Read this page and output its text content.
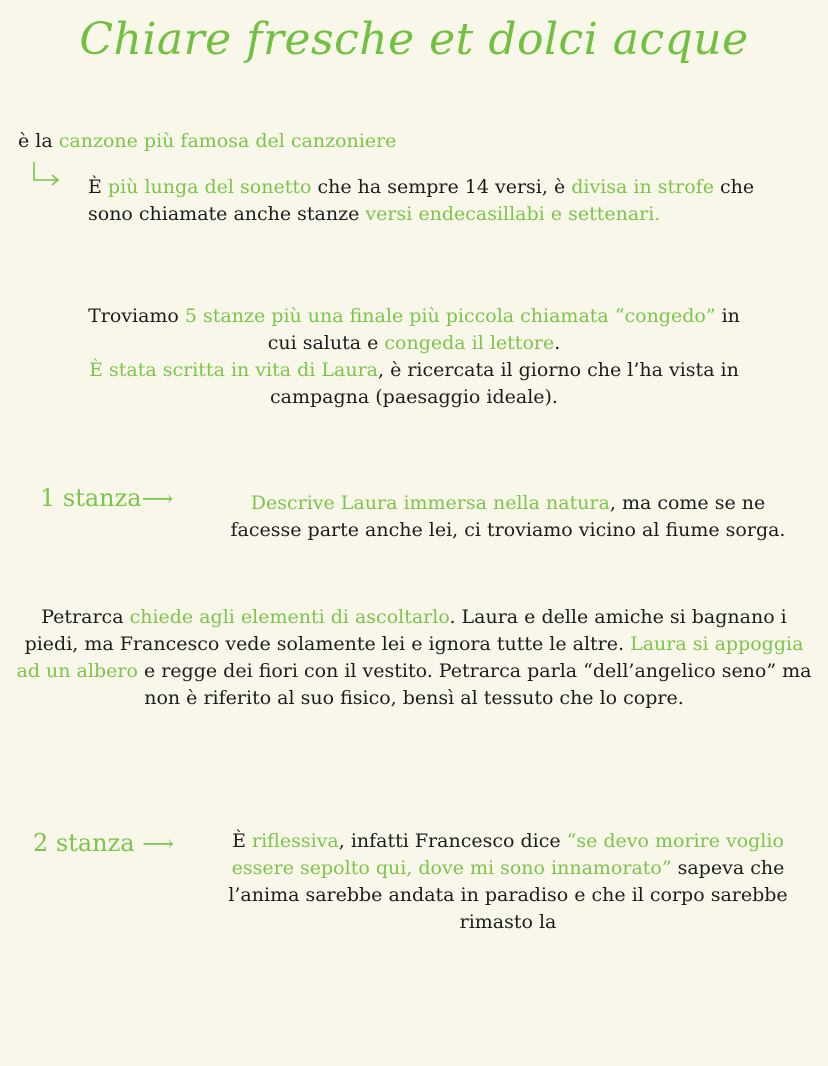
Chiare fresche et dolci acque
è la canzone più famosa del canzoniere
È più lunga del sonetto che ha sempre 14 versi, è divisa in strofe che sono chiamate anche stanze versi endecasillabi e settenari.
Troviamo 5 stanze più una finale più piccola chiamata “congedo” in
cui saluta e congeda il lettore.
È stata scritta in vita di Laura, è ricercata il giorno che l’ha vista in
campagna (paesaggio ideale).
1 stanza⟶	Descrive Laura immersa nella natura, ma come se ne facesse parte anche lei, ci troviamo vicino al fiume sorga.
Petrarca chiede agli elementi di ascoltarlo. Laura e delle amiche si bagnano i piedi, ma Francesco vede solamente lei e ignora tutte le altre. Laura si appoggia ad un albero e regge dei fiori con il vestito. Petrarca parla “dell’angelico seno” ma non è riferito al suo fisico, bensì al tessuto che lo copre.
2 stanza ⟶	È riflessiva, infatti Francesco dice “se devo morire voglio essere sepolto qui, dove mi sono innamorato” sapeva che l’anima sarebbe andata in paradiso e che il corpo sarebbe rimasto la
